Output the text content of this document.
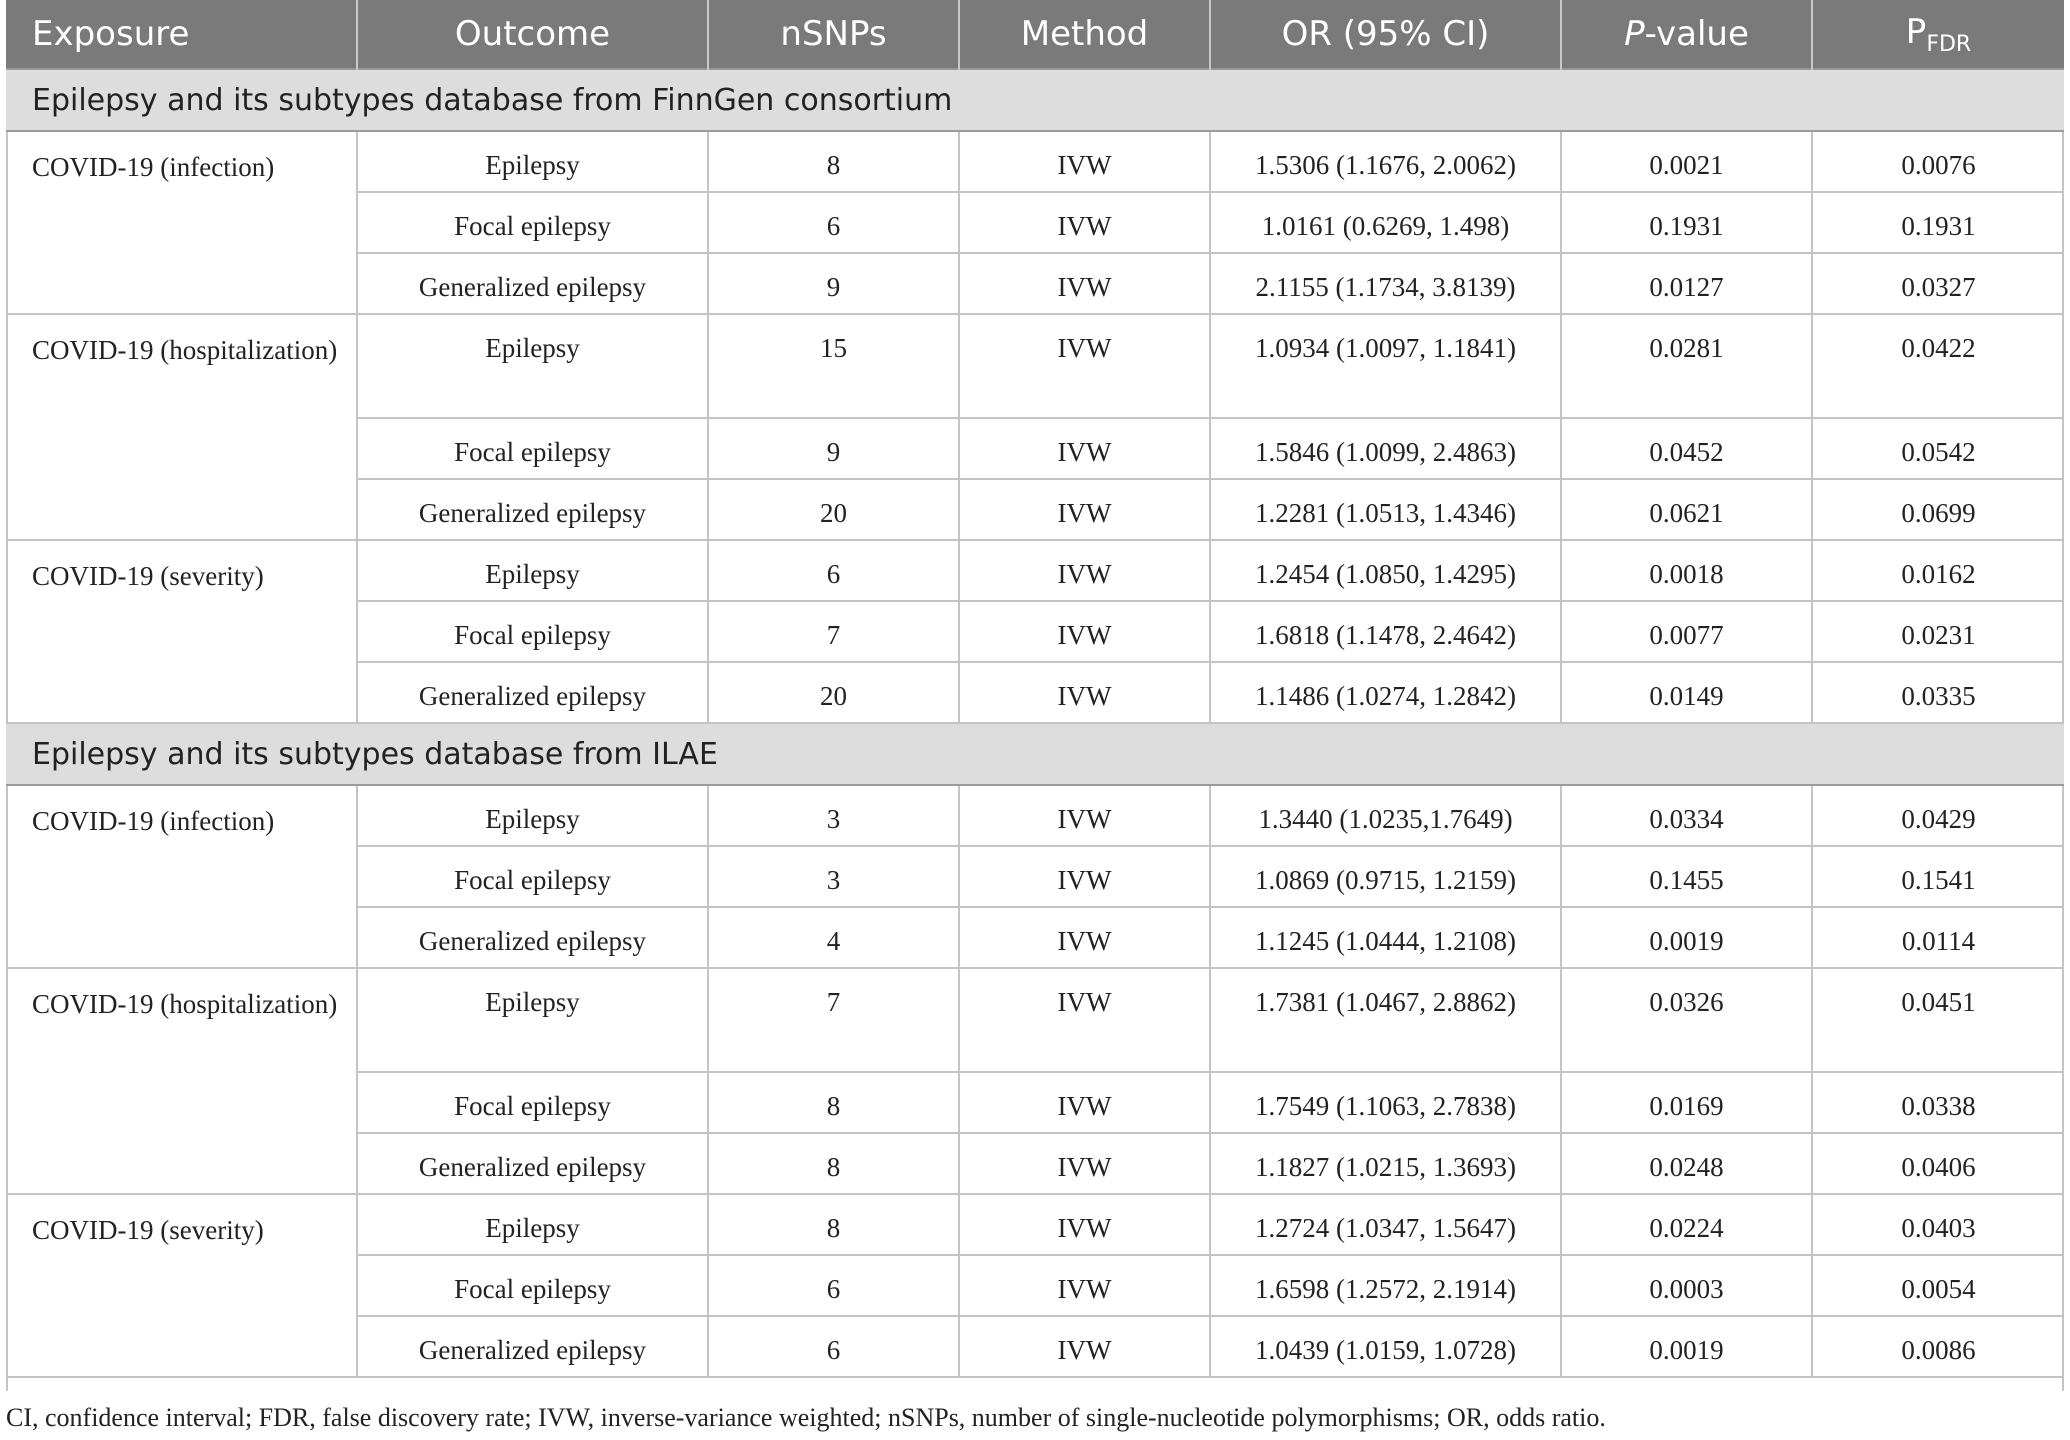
Exposure	Outcome	nSNPs	Method	OR (95% CI)	P-value	$P_{FDR}$
Epilepsy and its subtypes database from FinnGen consortium						
COVID-19 (infection)	Epilepsy	8	IVW	1.5306 (1.1676, 2.0062)	0.0021	0.0076
	Focal epilepsy	6	IVW	1.0161 (0.6269, 1.498)	0.1931	0.1931
	Generalized epilepsy	9	IVW	2.1155 (1.1734, 3.8139)	0.0127	0.0327
COVID-19 (hospitalization)	Epilepsy	15	IVW	1.0934 (1.0097, 1.1841)	0.0281	0.0422
	Focal epilepsy	9	IVW	1.5846 (1.0099, 2.4863)	0.0452	0.0542
	Generalized epilepsy	20	IVW	1.2281 (1.0513, 1.4346)	0.0621	0.0699
COVID-19 (severity)	Epilepsy	6	IVW	1.2454 (1.0850, 1.4295)	0.0018	0.0162
	Focal epilepsy	7	IVW	1.6818 (1.1478, 2.4642)	0.0077	0.0231
	Generalized epilepsy	20	IVW	1.1486 (1.0274, 1.2842)	0.0149	0.0335
Epilepsy and its subtypes database from ILAE						
COVID-19 (infection)	Epilepsy	3	IVW	1.3440 (1.0235,1.7649)	0.0334	0.0429
	Focal epilepsy	3	IVW	1.0869 (0.9715, 1.2159)	0.1455	0.1541
	Generalized epilepsy	4	IVW	1.1245 (1.0444, 1.2108)	0.0019	0.0114
COVID-19 (hospitalization)	Epilepsy	7	IVW	1.7381 (1.0467, 2.8862)	0.0326	0.0451
	Focal epilepsy	8	IVW	1.7549 (1.1063, 2.7838)	0.0169	0.0338
	Generalized epilepsy	8	IVW	1.1827 (1.0215, 1.3693)	0.0248	0.0406
COVID-19 (severity)	Epilepsy	8	IVW	1.2724 (1.0347, 1.5647)	0.0224	0.0403
	Focal epilepsy	6	IVW	1.6598 (1.2572, 2.1914)	0.0003	0.0054
	Generalized epilepsy	6	IVW	1.0439 (1.0159, 1.0728)	0.0019	0.0086
CI, confidence interval; FDR, false discovery rate; IVW, inverse-variance weighted; nSNPs, number of single-nucleotide polymorphisms; OR, odds ratio.
